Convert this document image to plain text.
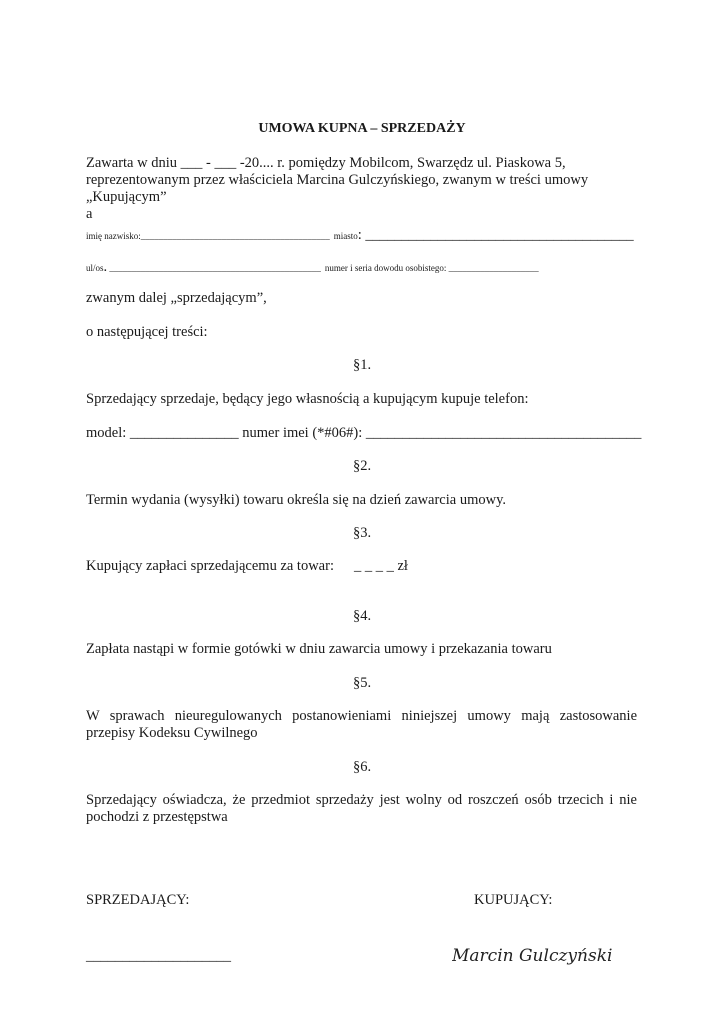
UMOWA KUPNA – SPRZEDAŻY
Zawarta w dniu ___ - ___ -20.... r. pomiędzy Mobilcom, Swarzędz ul. Piaskowa 5,
reprezentowanym przez właściciela Marcina Gulczyńskiego, zwanym w treści umowy
„Kupującym”
a
imię nazwisko:__________________________________________ miasto: _____________________________________
ul/os. _______________________________________________ numer i seria dowodu osobistego: ____________________
zwanym dalej „sprzedającym”,
o następującej treści:
§1.
Sprzedający sprzedaje, będący jego własnością a kupującym kupuje telefon:
model: _______________ numer imei (*#06#): ______________________________________
§2.
Termin wydania (wysyłki) towaru określa się na dzień zawarcia umowy.
§3.
Kupujący zapłaci sprzedającemu za towar: _ _ _ _ zł
§4.
Zapłata nastąpi w formie gotówki w dniu zawarcia umowy i przekazania towaru
§5.
W sprawach nieuregulowanych postanowieniami niniejszej umowy mają zastosowanie
przepisy Kodeksu Cywilnego
§6.
Sprzedający oświadcza, że przedmiot sprzedaży jest wolny od roszczeń osób trzecich i nie
pochodzi z przestępstwa
SPRZEDAJĄCY:	KUPUJĄCY:
____________________	Marcin Gulczyński
